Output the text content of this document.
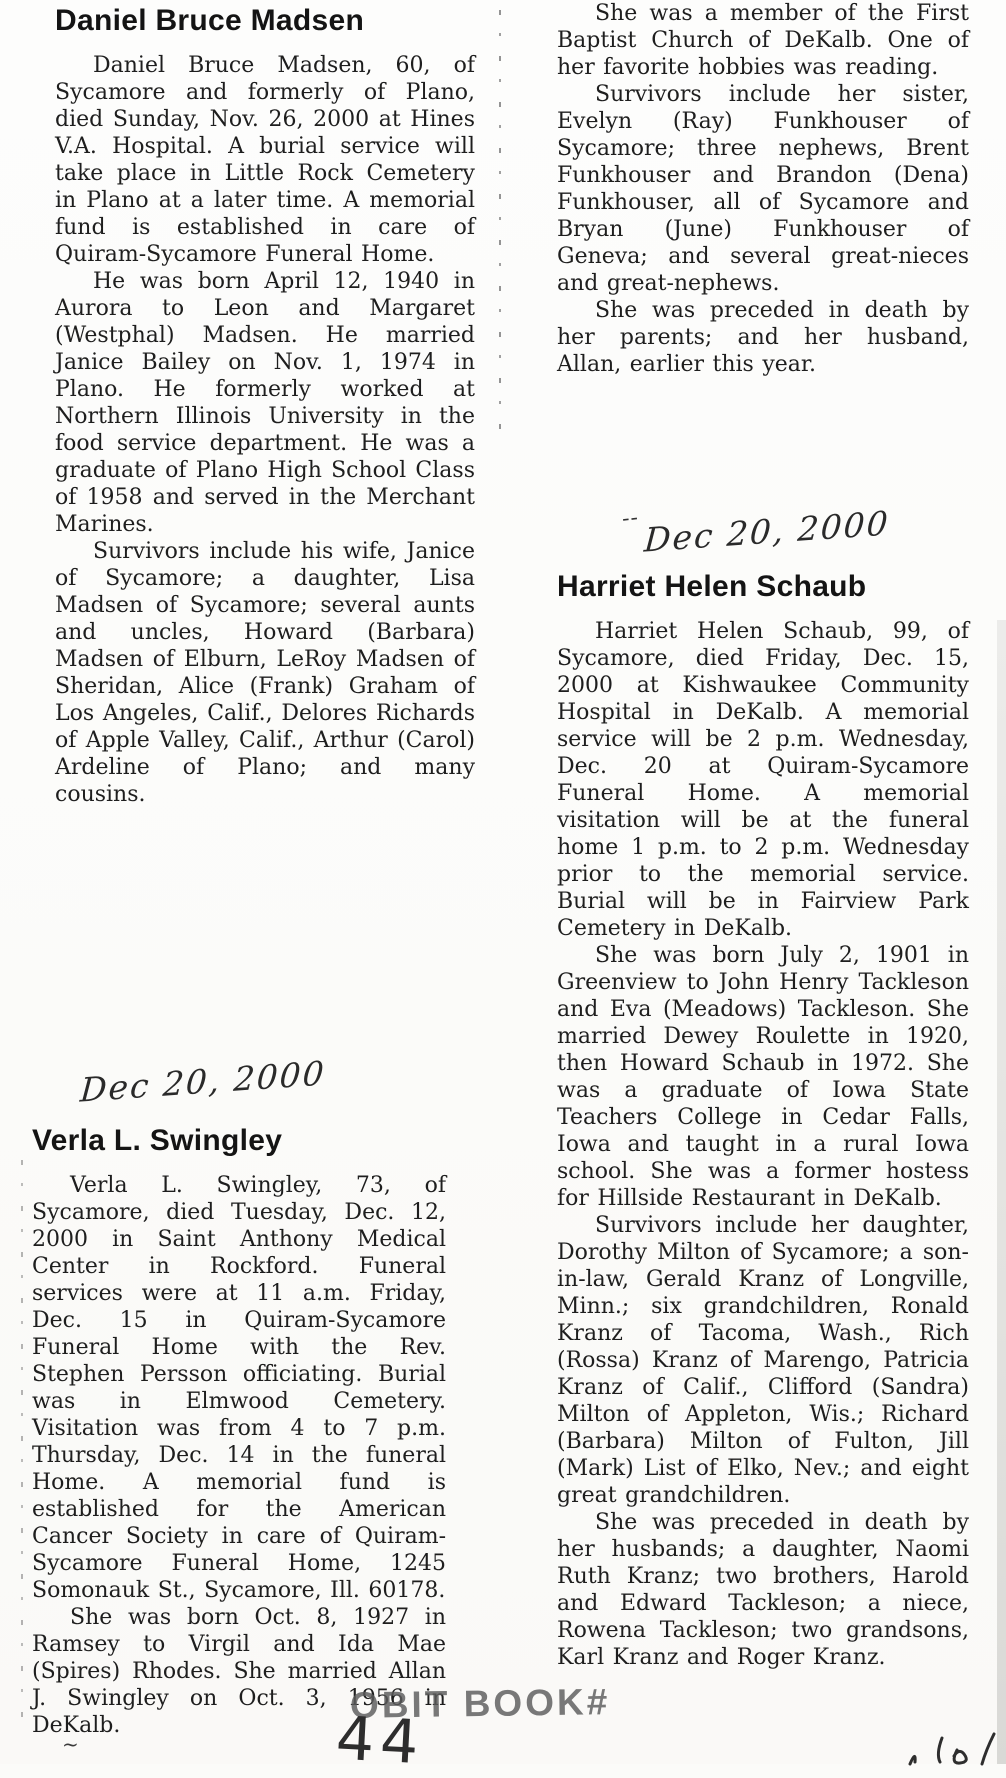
Daniel Bruce Madsen

Daniel Bruce Madsen, 60, of Sycamore and formerly of Plano, died Sunday, Nov. 26, 2000 at Hines V.A. Hospital. A burial service will take place in Little Rock Cemetery in Plano at a later time. A memorial fund is established in care of Quiram-Sycamore Funeral Home.

He was born April 12, 1940 in Aurora to Leon and Margaret (Westphal) Madsen. He married Janice Bailey on Nov. 1, 1974 in Plano. He formerly worked at Northern Illinois University in the food service department. He was a graduate of Plano High School Class of 1958 and served in the Merchant Marines.

Survivors include his wife, Janice of Sycamore; a daughter, Lisa Madsen of Sycamore; several aunts and uncles, Howard (Barbara) Madsen of Elburn, LeRoy Madsen of Sheridan, Alice (Frank) Graham of Los Angeles, Calif., Delores Richards of Apple Valley, Calif., Arthur (Carol) Ardeline of Plano; and many cousins.

Dec 20, 2000
Verla L. Swingley

Verla L. Swingley, 73, of Sycamore, died Tuesday, Dec. 12, 2000 in Saint Anthony Medical Center in Rockford. Funeral services were at 11 a.m. Friday, Dec. 15 in Quiram-Sycamore Funeral Home with the Rev. Stephen Persson officiating. Burial was in Elmwood Cemetery. Visitation was from 4 to 7 p.m. Thursday, Dec. 14 in the funeral Home. A memorial fund is established for the American Cancer Society in care of Quiram-Sycamore Funeral Home, 1245 Somonauk St., Sycamore, Ill. 60178.

She was born Oct. 8, 1927 in Ramsey to Virgil and Ida Mae (Spires) Rhodes. She married Allan J. Swingley on Oct. 3, 1956 in DeKalb.

~

She was a member of the First Baptist Church of DeKalb. One of her favorite hobbies was reading.

Survivors include her sister, Evelyn (Ray) Funkhouser of Sycamore; three nephews, Brent Funkhouser and Brandon (Dena) Funkhouser, all of Sycamore and Bryan (June) Funkhouser of Geneva; and several great-nieces and great-nephews.

She was preceded in death by her parents; and her husband, Allan, earlier this year.

-- Dec 20, 2000
Harriet Helen Schaub

Harriet Helen Schaub, 99, of Sycamore, died Friday, Dec. 15, 2000 at Kishwaukee Community Hospital in DeKalb. A memorial service will be 2 p.m. Wednesday, Dec. 20 at Quiram-Sycamore Funeral Home. A memorial visitation will be at the funeral home 1 p.m. to 2 p.m. Wednesday prior to the memorial service. Burial will be in Fairview Park Cemetery in DeKalb.

She was born July 2, 1901 in Greenview to John Henry Tackleson and Eva (Meadows) Tackleson. She married Dewey Roulette in 1920, then Howard Schaub in 1972. She was a graduate of Iowa State Teachers College in Cedar Falls, Iowa and taught in a rural Iowa school. She was a former hostess for Hillside Restaurant in DeKalb.

Survivors include her daughter, Dorothy Milton of Sycamore; a son-in-law, Gerald Kranz of Longville, Minn.; six grandchildren, Ronald Kranz of Tacoma, Wash., Rich (Rossa) Kranz of Marengo, Patricia Kranz of Calif., Clifford (Sandra) Milton of Appleton, Wis.; Richard (Barbara) Milton of Fulton, Jill (Mark) List of Elko, Nev.; and eight great grandchildren.

She was preceded in death by her husbands; a daughter, Naomi Ruth Kranz; two brothers, Harold and Edward Tackleson; a niece, Rowena Tackleson; two grandsons, Karl Kranz and Roger Kranz.

OBIT BOOK#
44
